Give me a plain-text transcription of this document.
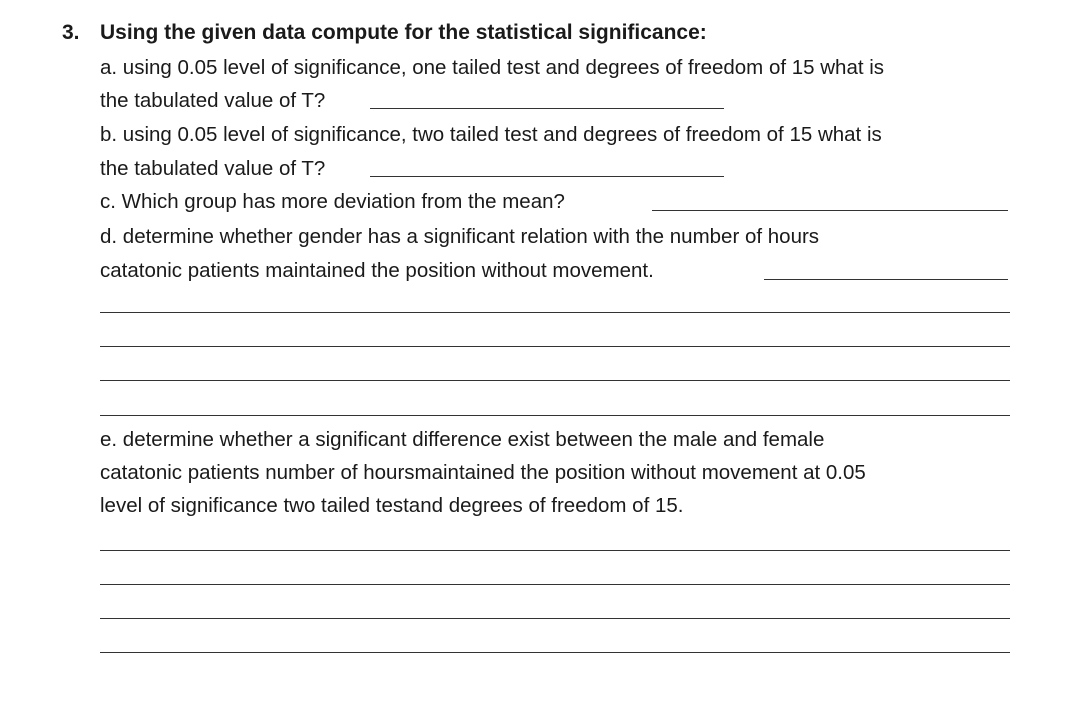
3. Using the given data compute for the statistical significance:
a. using 0.05 level of significance, one tailed test and degrees of freedom of 15 what is
the tabulated value of T?
b. using 0.05 level of significance, two tailed test and degrees of freedom of 15 what is
the tabulated value of T?
c. Which group has more deviation from the mean?
d. determine whether gender has a significant relation with the number of hours
catatonic patients maintained the position without movement.
e. determine whether a significant difference exist between the male and female
catatonic patients number of hoursmaintained the position without movement at 0.05
level of significance two tailed testand degrees of freedom of 15.
